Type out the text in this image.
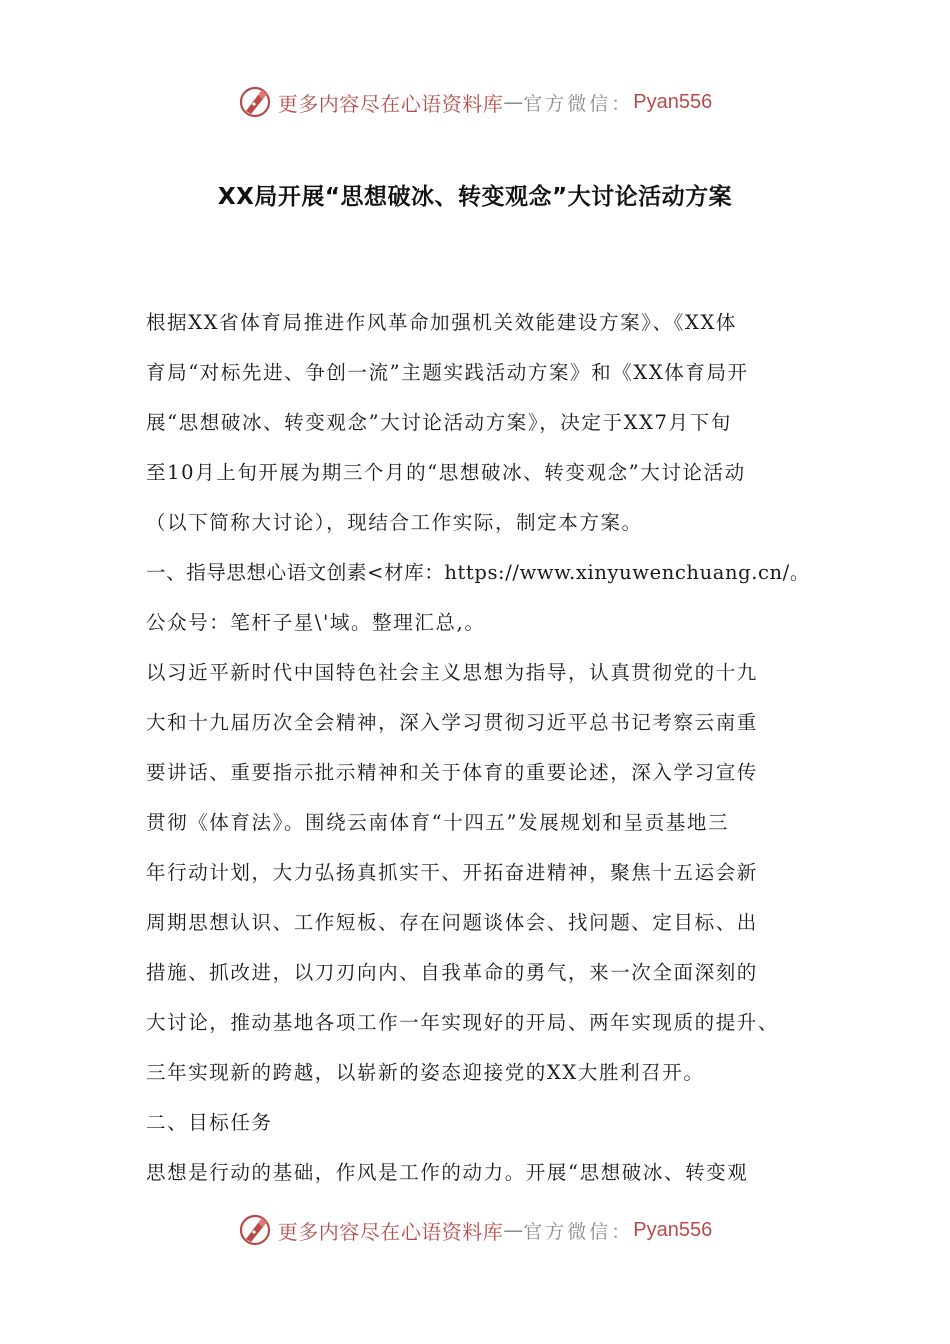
更多内容尽在心语资料库 — 官方微信： Pyan556
XX局开展“思想破冰、转变观念”大讨论活动方案
根据XX省体育局推进作风革命加强机关效能建设方案》、《XX体
育局“对标先进、争创一流”主题实践活动方案》和《XX体育局开
展“思想破冰、转变观念”大讨论活动方案》，决定于XX7月下旬
至10月上旬开展为期三个月的“思想破冰、转变观念”大讨论活动
（以下简称大讨论），现结合工作实际，制定本方案。
一、指导思想心语文创素<材库：https://www.xinyuwenchuang.cn/。
公众号：笔杆子星\'域。整理汇总,。
以习近平新时代中国特色社会主义思想为指导，认真贯彻党的十九
大和十九届历次全会精神，深入学习贯彻习近平总书记考察云南重
要讲话、重要指示批示精神和关于体育的重要论述，深入学习宣传
贯彻《体育法》。围绕云南体育“十四五”发展规划和呈贡基地三
年行动计划，大力弘扬真抓实干、开拓奋进精神，聚焦十五运会新
周期思想认识、工作短板、存在问题谈体会、找问题、定目标、出
措施、抓改进，以刀刃向内、自我革命的勇气，来一次全面深刻的
大讨论，推动基地各项工作一年实现好的开局、两年实现质的提升、
三年实现新的跨越，以崭新的姿态迎接党的XX大胜利召开。
二、目标任务
思想是行动的基础，作风是工作的动力。开展“思想破冰、转变观
更多内容尽在心语资料库 — 官方微信： Pyan556
